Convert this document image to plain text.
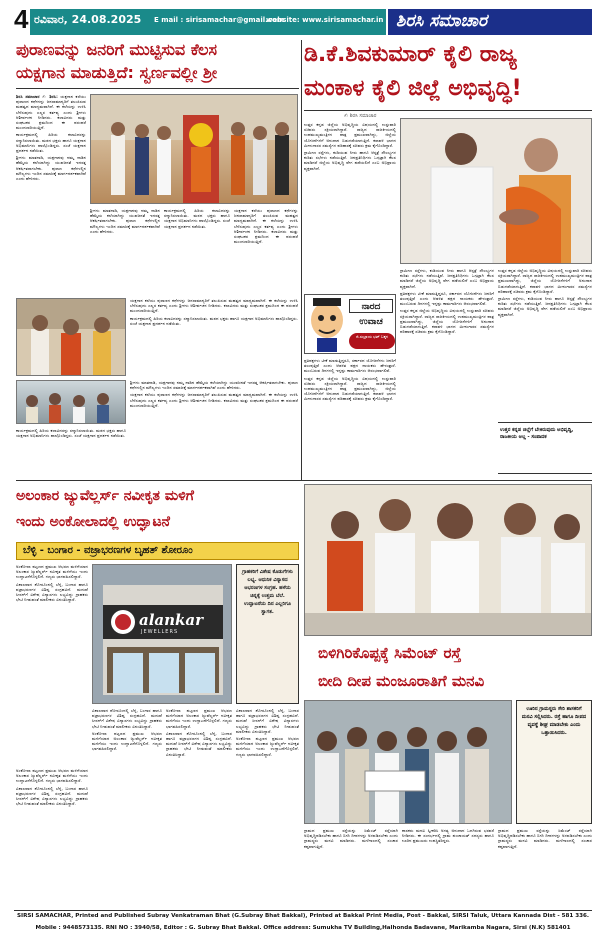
4 ರವಿವಾರ, 24.08.2025 E mail : sirisamachar@gmail.com
website: www.sirisamachar.in ಶಿರಸಿ ಸಮಾಚಾರ
ಪುರಾಣವನ್ನು ಜನರಿಗೆ ಮುಟ್ಟಿಸುವ ಕೆಲಸ
ಯಕ್ಷಗಾನ ಮಾಡುತ್ತಿದೆ: ಸ್ವರ್ಣವಲ್ಲೀ ಶ್ರೀ

ಶಿರಸಿ ಸಮಾಚಾರ ✍ ಶಿರಸಿ: ಯಕ್ಷಗಾನ ಕಲೆಯು ಪುರಾಣದ ಕಥೆಗಳನ್ನು ಜನಸಾಮಾನ್ಯರಿಗೆ ತಲುಪಿಸುವ ಮಹತ್ವದ ಮಾಧ್ಯಮವಾಗಿದೆ. ಈ ಕಲೆಯನ್ನು ಉಳಿಸಿ ಬೆಳೆಸುವುದು ಎಲ್ಲರ ಕರ್ತವ್ಯ ಎಂದು ಶ್ರೀಗಳು ಆಶೀರ್ವಚನ ನೀಡಿದರು. ಕಲಾವಿದರು ಮತ್ತು ಸಂಘಟಕರ ಶ್ರಮದಿಂದ ಈ ಪರಂಪರೆ ಮುಂದುವರಿಯುತ್ತಿದೆ.

ಕಾರ್ಯಕ್ರಮದಲ್ಲಿ ಹಿರಿಯ ಕಲಾವಿದರನ್ನು ಸನ್ಮಾನಿಸಲಾಯಿತು. ಮಠದ ಭಕ್ತರು ಹಾಗೂ ಯಕ್ಷಗಾನ ಅಭಿಮಾನಿಗಳು ಪಾಲ್ಗೊಂಡಿದ್ದರು. ಸಂಜೆ ಯಕ್ಷಗಾನ ಪ್ರದರ್ಶನ ನಡೆಯಿತು.

ಶ್ರೀಗಳು ಮಾತನಾಡಿ, ಯಕ್ಷಗಾನವು ನಮ್ಮ ನಾಡಿನ ಹೆಮ್ಮೆಯ ಕಲೆಯಾಗಿದ್ದು ಯುವಜನತೆ ಇದರತ್ತ ಆಕರ್ಷಿತರಾಗಬೇಕು. ಪುರಾಣ ಕಥೆಗಳಲ್ಲಿನ ಮೌಲ್ಯಗಳು ಇಂದಿನ ಸಮಾಜಕ್ಕೆ ಮಾರ್ಗದರ್ಶಕವಾಗಿವೆ ಎಂದು ಹೇಳಿದರು.

ಶ್ರೀಗಳು ಮಾತನಾಡಿ, ಯಕ್ಷಗಾನವು ನಮ್ಮ ನಾಡಿನ ಹೆಮ್ಮೆಯ ಕಲೆಯಾಗಿದ್ದು ಯುವಜನತೆ ಇದರತ್ತ ಆಕರ್ಷಿತರಾಗಬೇಕು. ಪುರಾಣ ಕಥೆಗಳಲ್ಲಿನ ಮೌಲ್ಯಗಳು ಇಂದಿನ ಸಮಾಜಕ್ಕೆ ಮಾರ್ಗದರ್ಶಕವಾಗಿವೆ ಎಂದು ಹೇಳಿದರು.

ಕಾರ್ಯಕ್ರಮದಲ್ಲಿ ಹಿರಿಯ ಕಲಾವಿದರನ್ನು ಸನ್ಮಾನಿಸಲಾಯಿತು. ಮಠದ ಭಕ್ತರು ಹಾಗೂ ಯಕ್ಷಗಾನ ಅಭಿಮಾನಿಗಳು ಪಾಲ್ಗೊಂಡಿದ್ದರು. ಸಂಜೆ ಯಕ್ಷಗಾನ ಪ್ರದರ್ಶನ ನಡೆಯಿತು.

ಯಕ್ಷಗಾನ ಕಲೆಯು ಪುರಾಣದ ಕಥೆಗಳನ್ನು ಜನಸಾಮಾನ್ಯರಿಗೆ ತಲುಪಿಸುವ ಮಹತ್ವದ ಮಾಧ್ಯಮವಾಗಿದೆ. ಈ ಕಲೆಯನ್ನು ಉಳಿಸಿ ಬೆಳೆಸುವುದು ಎಲ್ಲರ ಕರ್ತವ್ಯ ಎಂದು ಶ್ರೀಗಳು ಆಶೀರ್ವಚನ ನೀಡಿದರು. ಕಲಾವಿದರು ಮತ್ತು ಸಂಘಟಕರ ಶ್ರಮದಿಂದ ಈ ಪರಂಪರೆ ಮುಂದುವರಿಯುತ್ತಿದೆ.

ಯಕ್ಷಗಾನ ಕಲೆಯು ಪುರಾಣದ ಕಥೆಗಳನ್ನು ಜನಸಾಮಾನ್ಯರಿಗೆ ತಲುಪಿಸುವ ಮಹತ್ವದ ಮಾಧ್ಯಮವಾಗಿದೆ. ಈ ಕಲೆಯನ್ನು ಉಳಿಸಿ ಬೆಳೆಸುವುದು ಎಲ್ಲರ ಕರ್ತವ್ಯ ಎಂದು ಶ್ರೀಗಳು ಆಶೀರ್ವಚನ ನೀಡಿದರು. ಕಲಾವಿದರು ಮತ್ತು ಸಂಘಟಕರ ಶ್ರಮದಿಂದ ಈ ಪರಂಪರೆ ಮುಂದುವರಿಯುತ್ತಿದೆ.

ಕಾರ್ಯಕ್ರಮದಲ್ಲಿ ಹಿರಿಯ ಕಲಾವಿದರನ್ನು ಸನ್ಮಾನಿಸಲಾಯಿತು. ಮಠದ ಭಕ್ತರು ಹಾಗೂ ಯಕ್ಷಗಾನ ಅಭಿಮಾನಿಗಳು ಪಾಲ್ಗೊಂಡಿದ್ದರು. ಸಂಜೆ ಯಕ್ಷಗಾನ ಪ್ರದರ್ಶನ ನಡೆಯಿತು.

ಶ್ರೀಗಳು ಮಾತನಾಡಿ, ಯಕ್ಷಗಾನವು ನಮ್ಮ ನಾಡಿನ ಹೆಮ್ಮೆಯ ಕಲೆಯಾಗಿದ್ದು ಯುವಜನತೆ ಇದರತ್ತ ಆಕರ್ಷಿತರಾಗಬೇಕು. ಪುರಾಣ ಕಥೆಗಳಲ್ಲಿನ ಮೌಲ್ಯಗಳು ಇಂದಿನ ಸಮಾಜಕ್ಕೆ ಮಾರ್ಗದರ್ಶಕವಾಗಿವೆ ಎಂದು ಹೇಳಿದರು.

ಯಕ್ಷಗಾನ ಕಲೆಯು ಪುರಾಣದ ಕಥೆಗಳನ್ನು ಜನಸಾಮಾನ್ಯರಿಗೆ ತಲುಪಿಸುವ ಮಹತ್ವದ ಮಾಧ್ಯಮವಾಗಿದೆ. ಈ ಕಲೆಯನ್ನು ಉಳಿಸಿ ಬೆಳೆಸುವುದು ಎಲ್ಲರ ಕರ್ತವ್ಯ ಎಂದು ಶ್ರೀಗಳು ಆಶೀರ್ವಚನ ನೀಡಿದರು. ಕಲಾವಿದರು ಮತ್ತು ಸಂಘಟಕರ ಶ್ರಮದಿಂದ ಈ ಪರಂಪರೆ ಮುಂದುವರಿಯುತ್ತಿದೆ.

ಕಾರ್ಯಕ್ರಮದಲ್ಲಿ ಹಿರಿಯ ಕಲಾವಿದರನ್ನು ಸನ್ಮಾನಿಸಲಾಯಿತು. ಮಠದ ಭಕ್ತರು ಹಾಗೂ ಯಕ್ಷಗಾನ ಅಭಿಮಾನಿಗಳು ಪಾಲ್ಗೊಂಡಿದ್ದರು. ಸಂಜೆ ಯಕ್ಷಗಾನ ಪ್ರದರ್ಶನ ನಡೆಯಿತು.

ಡಿ.ಕೆ.ಶಿವಕುಮಾರ್ ಕೈಲಿ ರಾಜ್ಯ
ಮಂಕಾಳ ಕೈಲಿ ಜಿಲ್ಲೆ ಅಭಿವೃದ್ಧಿ!
✍ ಶಿರಸಿ ಸಮಾಚಾರ

ಉತ್ತರ ಕನ್ನಡ ಜಿಲ್ಲೆಯ ಅಭಿವೃದ್ಧಿಯ ವಿಷಯದಲ್ಲಿ ಉಸ್ತುವಾರಿ ಸಚಿವರು ಸಕ್ರಿಯರಾಗಿದ್ದಾರೆ. ರಾಜ್ಯದ ರಾಜಕೀಯದಲ್ಲಿ ಉಪಮುಖ್ಯಮಂತ್ರಿಗಳ ಪಾತ್ರ ಪ್ರಮುಖವಾಗಿದ್ದು, ಜಿಲ್ಲೆಯ ಯೋಜನೆಗಳಿಗೆ ಅನುದಾನ ಬಿಡುಗಡೆಯಾಗುತ್ತಿದೆ. ಕರಾವಳಿ ಭಾಗದ ಮೀನುಗಾರರ ಸಮಸ್ಯೆಗಳ ಪರಿಹಾರಕ್ಕೆ ಸಚಿವರು ಕ್ರಮ ಕೈಗೊಂಡಿದ್ದಾರೆ.

ಗ್ರಾಮೀಣ ರಸ್ತೆಗಳು, ಕುಡಿಯುವ ನೀರು ಹಾಗೂ ಆಸ್ಪತ್ರೆ ಸೌಲಭ್ಯಗಳ ಕುರಿತು ಸಭೆಗಳು ನಡೆಯುತ್ತಿವೆ. ಜನಪ್ರತಿನಿಧಿಗಳು ಒಗ್ಗಟ್ಟಾಗಿ ಕೆಲಸ ಮಾಡಿದರೆ ಜಿಲ್ಲೆಯ ಅಭಿವೃದ್ಧಿ ವೇಗ ಪಡೆಯಲಿದೆ ಎಂಬ ಅಭಿಪ್ರಾಯ ವ್ಯಕ್ತವಾಗಿದೆ.

ನಾರದ
ಉವಾಚ
ಜಿ.ಸುಬ್ರಾಯ ಭಟ್ ಬಕ್ಕಳ

ಪ್ರತಿಪಕ್ಷಗಳು ಟೀಕೆ ಮಾಡುತ್ತಿದ್ದರೂ, ಸರ್ಕಾರದ ಯೋಜನೆಗಳು ಜನರಿಗೆ ತಲುಪುತ್ತಿವೆ ಎಂದು ಆಡಳಿತ ಪಕ್ಷದ ನಾಯಕರು ಹೇಳುತ್ತಾರೆ. ಮುಂಬರುವ ದಿನಗಳಲ್ಲಿ ಇನ್ನಷ್ಟು ಕಾಮಗಾರಿಗಳು ಆರಂಭವಾಗಲಿವೆ.

ಉತ್ತರ ಕನ್ನಡ ಜಿಲ್ಲೆಯ ಅಭಿವೃದ್ಧಿಯ ವಿಷಯದಲ್ಲಿ ಉಸ್ತುವಾರಿ ಸಚಿವರು ಸಕ್ರಿಯರಾಗಿದ್ದಾರೆ. ರಾಜ್ಯದ ರಾಜಕೀಯದಲ್ಲಿ ಉಪಮುಖ್ಯಮಂತ್ರಿಗಳ ಪಾತ್ರ ಪ್ರಮುಖವಾಗಿದ್ದು, ಜಿಲ್ಲೆಯ ಯೋಜನೆಗಳಿಗೆ ಅನುದಾನ ಬಿಡುಗಡೆಯಾಗುತ್ತಿದೆ. ಕರಾವಳಿ ಭಾಗದ ಮೀನುಗಾರರ ಸಮಸ್ಯೆಗಳ ಪರಿಹಾರಕ್ಕೆ ಸಚಿವರು ಕ್ರಮ ಕೈಗೊಂಡಿದ್ದಾರೆ.

ಗ್ರಾಮೀಣ ರಸ್ತೆಗಳು, ಕುಡಿಯುವ ನೀರು ಹಾಗೂ ಆಸ್ಪತ್ರೆ ಸೌಲಭ್ಯಗಳ ಕುರಿತು ಸಭೆಗಳು ನಡೆಯುತ್ತಿವೆ. ಜನಪ್ರತಿನಿಧಿಗಳು ಒಗ್ಗಟ್ಟಾಗಿ ಕೆಲಸ ಮಾಡಿದರೆ ಜಿಲ್ಲೆಯ ಅಭಿವೃದ್ಧಿ ವೇಗ ಪಡೆಯಲಿದೆ ಎಂಬ ಅಭಿಪ್ರಾಯ ವ್ಯಕ್ತವಾಗಿದೆ.

ಪ್ರತಿಪಕ್ಷಗಳು ಟೀಕೆ ಮಾಡುತ್ತಿದ್ದರೂ, ಸರ್ಕಾರದ ಯೋಜನೆಗಳು ಜನರಿಗೆ ತಲುಪುತ್ತಿವೆ ಎಂದು ಆಡಳಿತ ಪಕ್ಷದ ನಾಯಕರು ಹೇಳುತ್ತಾರೆ. ಮುಂಬರುವ ದಿನಗಳಲ್ಲಿ ಇನ್ನಷ್ಟು ಕಾಮಗಾರಿಗಳು ಆರಂಭವಾಗಲಿವೆ.

ಉತ್ತರ ಕನ್ನಡ ಜಿಲ್ಲೆಯ ಅಭಿವೃದ್ಧಿಯ ವಿಷಯದಲ್ಲಿ ಉಸ್ತುವಾರಿ ಸಚಿವರು ಸಕ್ರಿಯರಾಗಿದ್ದಾರೆ. ರಾಜ್ಯದ ರಾಜಕೀಯದಲ್ಲಿ ಉಪಮುಖ್ಯಮಂತ್ರಿಗಳ ಪಾತ್ರ ಪ್ರಮುಖವಾಗಿದ್ದು, ಜಿಲ್ಲೆಯ ಯೋಜನೆಗಳಿಗೆ ಅನುದಾನ ಬಿಡುಗಡೆಯಾಗುತ್ತಿದೆ. ಕರಾವಳಿ ಭಾಗದ ಮೀನುಗಾರರ ಸಮಸ್ಯೆಗಳ ಪರಿಹಾರಕ್ಕೆ ಸಚಿವರು ಕ್ರಮ ಕೈಗೊಂಡಿದ್ದಾರೆ.

ಉತ್ತರ ಕನ್ನಡ ಜಿಲ್ಲೆಯ ಅಭಿವೃದ್ಧಿಯ ವಿಷಯದಲ್ಲಿ ಉಸ್ತುವಾರಿ ಸಚಿವರು ಸಕ್ರಿಯರಾಗಿದ್ದಾರೆ. ರಾಜ್ಯದ ರಾಜಕೀಯದಲ್ಲಿ ಉಪಮುಖ್ಯಮಂತ್ರಿಗಳ ಪಾತ್ರ ಪ್ರಮುಖವಾಗಿದ್ದು, ಜಿಲ್ಲೆಯ ಯೋಜನೆಗಳಿಗೆ ಅನುದಾನ ಬಿಡುಗಡೆಯಾಗುತ್ತಿದೆ. ಕರಾವಳಿ ಭಾಗದ ಮೀನುಗಾರರ ಸಮಸ್ಯೆಗಳ ಪರಿಹಾರಕ್ಕೆ ಸಚಿವರು ಕ್ರಮ ಕೈಗೊಂಡಿದ್ದಾರೆ.

ಗ್ರಾಮೀಣ ರಸ್ತೆಗಳು, ಕುಡಿಯುವ ನೀರು ಹಾಗೂ ಆಸ್ಪತ್ರೆ ಸೌಲಭ್ಯಗಳ ಕುರಿತು ಸಭೆಗಳು ನಡೆಯುತ್ತಿವೆ. ಜನಪ್ರತಿನಿಧಿಗಳು ಒಗ್ಗಟ್ಟಾಗಿ ಕೆಲಸ ಮಾಡಿದರೆ ಜಿಲ್ಲೆಯ ಅಭಿವೃದ್ಧಿ ವೇಗ ಪಡೆಯಲಿದೆ ಎಂಬ ಅಭಿಪ್ರಾಯ ವ್ಯಕ್ತವಾಗಿದೆ.

ಉತ್ತರ ಕನ್ನಡ ಜಿಲ್ಲೆಗೆ ಬೇಕಿರುವುದು ಅಭಿವೃದ್ಧಿ, ರಾಜಕೀಯ ಅಲ್ಲ - ಸಂಪಾದಕ
ಅಲಂಕಾರ ಜ್ಯುವೆಲ್ಲರ್ಸ್ ನವೀಕೃತ ಮಳಿಗೆ
ಇಂದು ಅಂಕೋಲಾದಲ್ಲಿ ಉದ್ಘಾಟನೆ
ಬೆಳ್ಳಿ - ಬಂಗಾರ - ವಜ್ರಾಭರಣಗಳ ಬೃಹತ್ ಶೋರೂಂ

ಅಂಕೋಲಾ ಪಟ್ಟಣದ ಪ್ರಮುಖ ಆಭರಣ ಮಳಿಗೆಯಾದ ಅಲಂಕಾರ ಜ್ಯುವೆಲ್ಲರ್ಸ್ ನವೀಕೃತ ಮಳಿಗೆಯು ಇಂದು ಉದ್ಘಾಟನೆಗೊಳ್ಳಲಿದೆ. ಗಣ್ಯರು ಭಾಗವಹಿಸಲಿದ್ದಾರೆ.

ವಿಶಾಲವಾದ ಶೋರೂಂನಲ್ಲಿ ಬೆಳ್ಳಿ, ಬಂಗಾರ ಹಾಗೂ ವಜ್ರಾಭರಣಗಳ ವಿಶಿಷ್ಟ ಸಂಗ್ರಹವಿದೆ. ಮದುವೆ ಸೀಸನ್‌ಗೆ ವಿಶೇಷ ವಿನ್ಯಾಸಗಳು ಲಭ್ಯವಿದ್ದು ಗ್ರಾಹಕರು ಭೇಟಿ ನೀಡುವಂತೆ ಮಾಲೀಕರು ವಿನಂತಿಸಿದ್ದಾರೆ.

alankar
JEWELLERS
ಗ್ರಾಹಕರಿಗೆ ವಿಶೇಷ ಕೊಡುಗೆಗಳು ಲಭ್ಯ. ಆಧುನಿಕ ವಿನ್ಯಾಸದ ಆಭರಣಗಳ ಸಂಗ್ರಹ. ಹಳೆಯ ಚಿನ್ನಕ್ಕೆ ಉತ್ತಮ ಬೆಲೆ. ಉದ್ಘಾಟನೆಯ ದಿನ ಎಲ್ಲರಿಗೂ ಸ್ವಾಗತ.

ವಿಶಾಲವಾದ ಶೋರೂಂನಲ್ಲಿ ಬೆಳ್ಳಿ, ಬಂಗಾರ ಹಾಗೂ ವಜ್ರಾಭರಣಗಳ ವಿಶಿಷ್ಟ ಸಂಗ್ರಹವಿದೆ. ಮದುವೆ ಸೀಸನ್‌ಗೆ ವಿಶೇಷ ವಿನ್ಯಾಸಗಳು ಲಭ್ಯವಿದ್ದು ಗ್ರಾಹಕರು ಭೇಟಿ ನೀಡುವಂತೆ ಮಾಲೀಕರು ವಿನಂತಿಸಿದ್ದಾರೆ.

ಅಂಕೋಲಾ ಪಟ್ಟಣದ ಪ್ರಮುಖ ಆಭರಣ ಮಳಿಗೆಯಾದ ಅಲಂಕಾರ ಜ್ಯುವೆಲ್ಲರ್ಸ್ ನವೀಕೃತ ಮಳಿಗೆಯು ಇಂದು ಉದ್ಘಾಟನೆಗೊಳ್ಳಲಿದೆ. ಗಣ್ಯರು ಭಾಗವಹಿಸಲಿದ್ದಾರೆ.

ಅಂಕೋಲಾ ಪಟ್ಟಣದ ಪ್ರಮುಖ ಆಭರಣ ಮಳಿಗೆಯಾದ ಅಲಂಕಾರ ಜ್ಯುವೆಲ್ಲರ್ಸ್ ನವೀಕೃತ ಮಳಿಗೆಯು ಇಂದು ಉದ್ಘಾಟನೆಗೊಳ್ಳಲಿದೆ. ಗಣ್ಯರು ಭಾಗವಹಿಸಲಿದ್ದಾರೆ.

ವಿಶಾಲವಾದ ಶೋರೂಂನಲ್ಲಿ ಬೆಳ್ಳಿ, ಬಂಗಾರ ಹಾಗೂ ವಜ್ರಾಭರಣಗಳ ವಿಶಿಷ್ಟ ಸಂಗ್ರಹವಿದೆ. ಮದುವೆ ಸೀಸನ್‌ಗೆ ವಿಶೇಷ ವಿನ್ಯಾಸಗಳು ಲಭ್ಯವಿದ್ದು ಗ್ರಾಹಕರು ಭೇಟಿ ನೀಡುವಂತೆ ಮಾಲೀಕರು ವಿನಂತಿಸಿದ್ದಾರೆ.

ವಿಶಾಲವಾದ ಶೋರೂಂನಲ್ಲಿ ಬೆಳ್ಳಿ, ಬಂಗಾರ ಹಾಗೂ ವಜ್ರಾಭರಣಗಳ ವಿಶಿಷ್ಟ ಸಂಗ್ರಹವಿದೆ. ಮದುವೆ ಸೀಸನ್‌ಗೆ ವಿಶೇಷ ವಿನ್ಯಾಸಗಳು ಲಭ್ಯವಿದ್ದು ಗ್ರಾಹಕರು ಭೇಟಿ ನೀಡುವಂತೆ ಮಾಲೀಕರು ವಿನಂತಿಸಿದ್ದಾರೆ.

ಅಂಕೋಲಾ ಪಟ್ಟಣದ ಪ್ರಮುಖ ಆಭರಣ ಮಳಿಗೆಯಾದ ಅಲಂಕಾರ ಜ್ಯುವೆಲ್ಲರ್ಸ್ ನವೀಕೃತ ಮಳಿಗೆಯು ಇಂದು ಉದ್ಘಾಟನೆಗೊಳ್ಳಲಿದೆ. ಗಣ್ಯರು ಭಾಗವಹಿಸಲಿದ್ದಾರೆ.

ಅಂಕೋಲಾ ಪಟ್ಟಣದ ಪ್ರಮುಖ ಆಭರಣ ಮಳಿಗೆಯಾದ ಅಲಂಕಾರ ಜ್ಯುವೆಲ್ಲರ್ಸ್ ನವೀಕೃತ ಮಳಿಗೆಯು ಇಂದು ಉದ್ಘಾಟನೆಗೊಳ್ಳಲಿದೆ. ಗಣ್ಯರು ಭಾಗವಹಿಸಲಿದ್ದಾರೆ.

ವಿಶಾಲವಾದ ಶೋರೂಂನಲ್ಲಿ ಬೆಳ್ಳಿ, ಬಂಗಾರ ಹಾಗೂ ವಜ್ರಾಭರಣಗಳ ವಿಶಿಷ್ಟ ಸಂಗ್ರಹವಿದೆ. ಮದುವೆ ಸೀಸನ್‌ಗೆ ವಿಶೇಷ ವಿನ್ಯಾಸಗಳು ಲಭ್ಯವಿದ್ದು ಗ್ರಾಹಕರು ಭೇಟಿ ನೀಡುವಂತೆ ಮಾಲೀಕರು ವಿನಂತಿಸಿದ್ದಾರೆ.

ಬಿಳಿಗಿರಿಕೊಪ್ಪಕ್ಕೆ ಸಿಮೆಂಟ್ ರಸ್ತೆ
ಬೀದಿ ದೀಪ ಮಂಜೂರಾತಿಗೆ ಮನವಿ
ಊರಿನ ಗ್ರಾಮಸ್ಥರು ಸೇರಿ ಶಾಸಕರಿಗೆ ಮನವಿ ಸಲ್ಲಿಸಿದರು. ರಸ್ತೆ ಹಾಗೂ ದೀಪದ ವ್ಯವಸ್ಥೆ ಶೀಘ್ರ ಮಾಡಬೇಕು ಎಂದು ಒತ್ತಾಯಿಸಿದರು.

ಗ್ರಾಮದ ಪ್ರಮುಖ ರಸ್ತೆಯನ್ನು ಸಿಮೆಂಟ್ ರಸ್ತೆಯಾಗಿ ಅಭಿವೃದ್ಧಿಪಡಿಸಬೇಕು ಹಾಗೂ ಬೀದಿ ದೀಪಗಳನ್ನು ಅಳವಡಿಸಬೇಕು ಎಂದು ಗ್ರಾಮಸ್ಥರು ಮನವಿ ಮಾಡಿದರು. ಮಳೆಗಾಲದಲ್ಲಿ ಸಂಚಾರ ಕಷ್ಟವಾಗುತ್ತಿದೆ.

ಶಾಸಕರು ಮನವಿ ಸ್ವೀಕರಿಸಿ ಅಗತ್ಯ ಅನುದಾನ ಒದಗಿಸುವ ಭರವಸೆ ನೀಡಿದರು. ಈ ಸಂದರ್ಭದಲ್ಲಿ ಗ್ರಾಮ ಪಂಚಾಯತ್ ಸದಸ್ಯರು ಹಾಗೂ ಊರಿನ ಪ್ರಮುಖರು ಉಪಸ್ಥಿತರಿದ್ದರು.

ಗ್ರಾಮದ ಪ್ರಮುಖ ರಸ್ತೆಯನ್ನು ಸಿಮೆಂಟ್ ರಸ್ತೆಯಾಗಿ ಅಭಿವೃದ್ಧಿಪಡಿಸಬೇಕು ಹಾಗೂ ಬೀದಿ ದೀಪಗಳನ್ನು ಅಳವಡಿಸಬೇಕು ಎಂದು ಗ್ರಾಮಸ್ಥರು ಮನವಿ ಮಾಡಿದರು. ಮಳೆಗಾಲದಲ್ಲಿ ಸಂಚಾರ ಕಷ್ಟವಾಗುತ್ತಿದೆ.

SIRSI SAMACHAR, Printed and Published Subray Venkatraman Bhat (G.Subray Bhat Bakkal), Printed at Bakkal Print Media, Post - Bakkal, SIRSI Taluk, Uttara Kannada Dist - 581 336.
Mobile : 9448573135. RNI NO : 3940/58, Editor : G. Subray Bhat Bakkal. Office address: Sumukha TV Building,Halhonda Badavane, Marikamba Nagara, Sirsi (N.K) 581401
